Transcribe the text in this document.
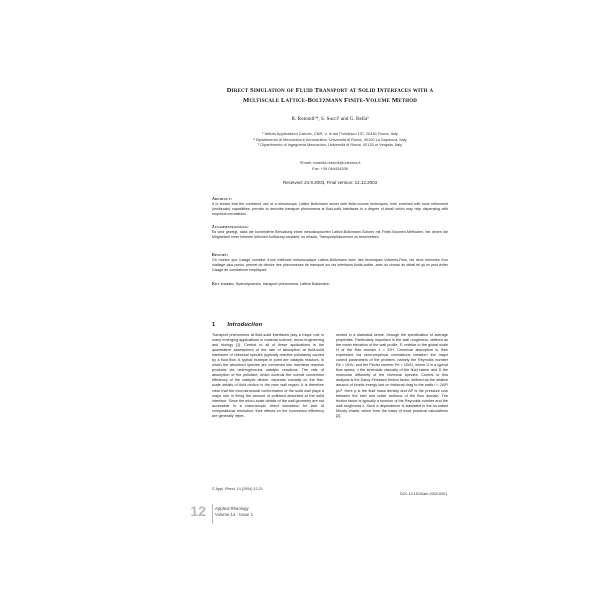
Direct Simulation of Fluid Transport at Solid Interfaces with a Multiscale Lattice-Boltzmann Finite-Volume Method
R. Rotondi¹*, S. Succi¹ and G. Bella³
¹ Istituto Applicazioni Calcolo, CNR, V. le del Policlinico 137, 00161 Roma, Italy
² Dipartimento di Meccanica e Aeronautica, Università di Roma, 00100 La Sapienza, Italy
³ Dipartimento di Ingegneria Meccanica, Università di Roma, 00133 or Vergata, Italy
*Email: rossella.rotondi@uniroma.it
Fax: +39.064404306
Received: 24.9.2003, Final version: 12.12.2003
Abstract:
It is shown that the combined use of a mesoscopic Lattice Boltzmann solver with finite-volume techniques, both enriched with local refinement (multiscale) capabilities, permits to describe transport phenomena at fluid-solid interfaces to a degree of detail which may help dispensing with empirical correlations.
Zusammenfassung:
Es wird gezeigt, dass die kombinierte Benutzung eines mesoskopischen Lattice-Boltzmann-Solvers mit Finite-Volumen-Methoden, bei denen die Möglichkeit einer höheren örtlichen Auflösung verstärkt, es erlaubt, Transportphänomene zu beschreiben.
Résumé:
On montre que l'usage combiné d'une méthode mésoscopique Lattice-Boltzmann avec des techniques Volumes-Finis, les deux enrichies d'un maillage plus précis, permet de décrire des phénomènes de transport sur les interfaces fluide-solide, avec un niveau de détail tel qu'on peut éviter l'usage de corrélations empiriques.
Key words: Hydrodynamics, transport phenomena, Lattice Boltzmann
1 Introduction
Transport phenomena at fluid-solid interfaces play a major role in many emerging applications in material science, micro-engineering and biology [1]. Central to all of these applications is the quantitative assessment of the rate of absorption at fluid-solid interfaces of chemical species (typically reactive pollutants) carried by a fluid flow. A typical example in point are catalytic reactors, in which the absorbed species are converted into harmless reaction products via heterogeneous catalytic reactions. The rate of absorption of the pollutant, which controls the overall conversion efficiency of the catalytic device, depends crucially on the fine-scale details of fluid motion in the near wall region. It is therefore clear that the microstructural conformation of the solid wall plays a major role in fixing the amount of pollutant absorbed at the solid interface. Since the micro-scale details of the wall geometry are not accessible to a macroscopic direct simulation for lack of computational resolution, their effects on the conversion efficiency are generally repre-
sented in a statistical sense, through the specification of average properties. Particularly important is the wall roughness, defined as the mean elevation of the wall profile, E, relative to the global scale H of the flow domain ε = E/H. Chemical absorption is then expressed via semi-empirical correlations between the major control parameters of the problem, namely the Reynolds number Re = UH/ν, and the Péclet number Pe = UD/D, where U is a typical flow speed, ν the kinematic viscosity of the fluid carrier and D the molecular diffusivity of the chemical species. Central to this analysis is the Darcy-Feisbach friction factor, defined as the relative amount of kinetic energy lost on frictional drag to the walls f = 2ΔP/ρU². Here ρ is the fluid mass density and ΔP is the pressure loss between the inlet and outlet sections of the flow domain. The friction factor is typically a function of the Reynolds number and the wall roughness ε. Such a dependence is tabulated in the so-called Moody charts, which form the basis of most practical calculations [2].
© Appl. Rheol. 14 (2004) 12-21
DOI: 10.1515/arh-2004-0001
12 Applied Rheology
Volume 14 · Issue 1
